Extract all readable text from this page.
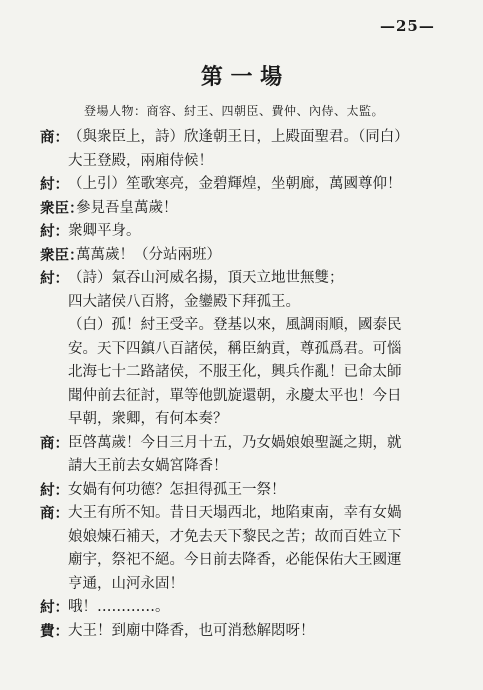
—25—
第 一 場
登場人物：商容、紂王、四朝臣、費仲、內侍、太監。
商： （與衆臣上，詩）欣逢朝王日，上殿面聖君。（同白）
大王登殿，兩廂侍候！
紂： （上引）笙歌寒亮，金碧輝煌，坐朝廊，萬國尊仰！
衆臣：
參見吾皇萬歲！
紂： 衆卿平身。
衆臣：
萬萬歲！（分站兩班）
紂： （詩）氣吞山河威名揚，頂天立地世無雙；
四大諸侯八百將，金鑾殿下拜孤王。
（白）孤！紂王受辛。登基以來，風調雨順，國泰民
安。天下四鎮八百諸侯，稱臣納貢，尊孤爲君。可惱
北海七十二路諸侯，不服王化，興兵作亂！已命太師
聞仲前去征討，單等他凱旋還朝，永慶太平也！今日
早朝，衆卿，有何本奏？
商： 臣啓萬歲！今日三月十五，乃女媧娘娘聖誕之期，就
請大王前去女媧宮降香！
紂： 女媧有何功德？怎担得孤王一祭！
商： 大王有所不知。昔日天塌西北，地陷東南，幸有女媧
娘娘煉石補天，才免去天下黎民之苦；故而百姓立下
廟宇，祭祀不絕。今日前去降香，必能保佑大王國運
亨通，山河永固！
紂： 哦！…………。
費： 大王！到廟中降香，也可消愁解悶呀！
